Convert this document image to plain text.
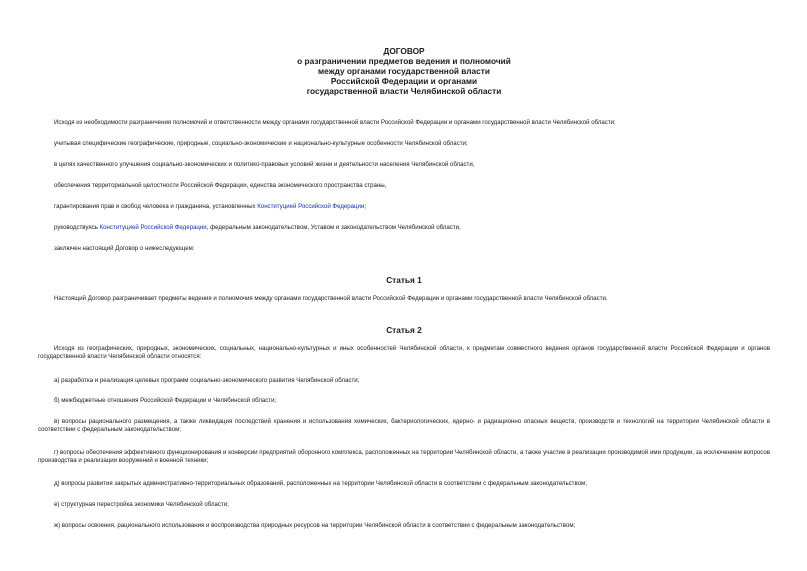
ДОГОВОР
о разграничении предметов ведения и полномочий
между органами государственной власти
Российской Федерации и органами
государственной власти Челябинской области
Исходя из необходимости разграничения полномочий и ответственности между органами государственной власти Российской Федерации и органами государственной власти Челябинской области;
учитывая специфические географические, природные, социально-экономические и национально-культурные особенности Челябинской области;
в целях качественного улучшения социально-экономических и политико-правовых условий жизни и деятельности населения Челябинской области,
обеспечения территориальной целостности Российской Федерации, единства экономического пространства страны,
гарантирования прав и свобод человека и гражданина, установленных Конституцией Российской Федерации;
руководствуясь Конституцией Российской Федерации, федеральным законодательством, Уставом и законодательством Челябинской области,
заключен настоящий Договор о нижеследующем:
Статья 1
Настоящий Договор разграничивает предметы ведения и полномочия между органами государственной власти Российской Федерации и органами государственной власти Челябинской области.
Статья 2
Исходя из географических, природных, экономических, социальных, национально-культурных и иных особенностей Челябинской области, к предметам совместного ведения органов государственной власти Российской Федерации и органов государственной власти Челябинской области относятся:
а) разработка и реализация целевых программ социально-экономического развития Челябинской области;
б) межбюджетные отношения Российской Федерации и Челябинской области;
в) вопросы рационального размещения, а также ликвидация последствий хранения и использования химических, бактериологических, ядерно- и радиационно опасных веществ, производств и технологий на территории Челябинской области в соответствии с федеральным законодательством;
г) вопросы обеспечения эффективного функционирования и конверсии предприятий оборонного комплекса, расположенных на территории Челябинской области, а также участие в реализации производимой ими продукции, за исключением вопросов производства и реализации вооружений и военной техники;
д) вопросы развития закрытых административно-территориальных образований, расположенных на территории Челябинской области в соответствии с федеральным законодательством;
е) структурная перестройка экономики Челябинской области;
ж) вопросы освоения, рационального использования и воспроизводства природных ресурсов на территории Челябинской области в соответствии с федеральным законодательством;
